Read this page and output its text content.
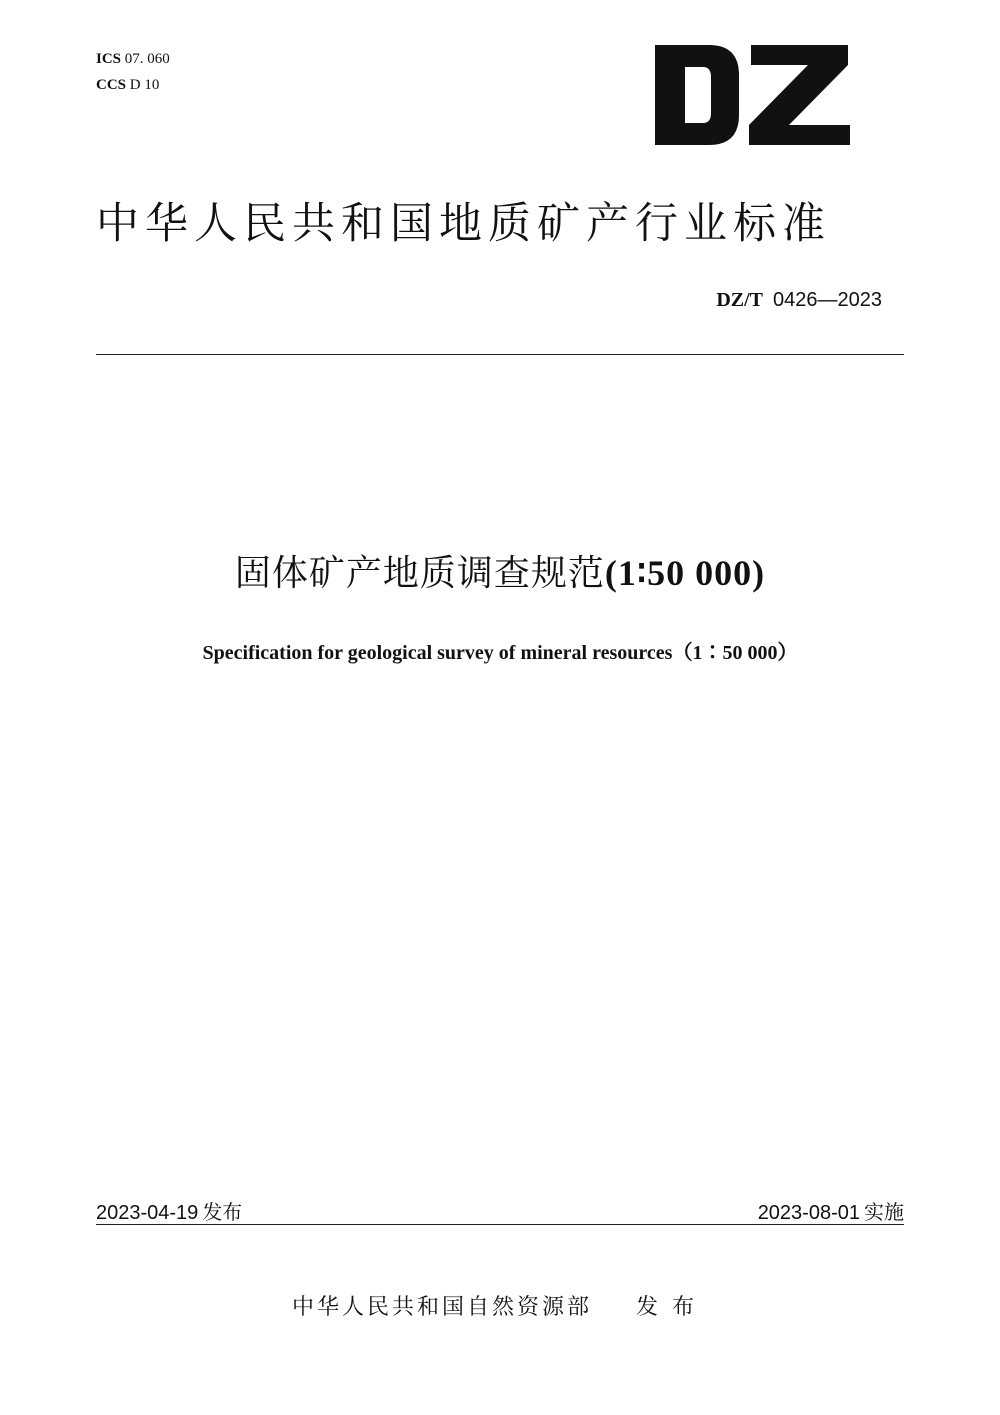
ICS 07. 060
CCS D 10
中华人民共和国地质矿产行业标准
DZ/T 0426—2023
固体矿产地质调查规范(1∶50 000)
Specification for geological survey of mineral resources（1∶50 000）
2023-04-19 发布	2023-08-01 实施
中华人民共和国自然资源部 发布
